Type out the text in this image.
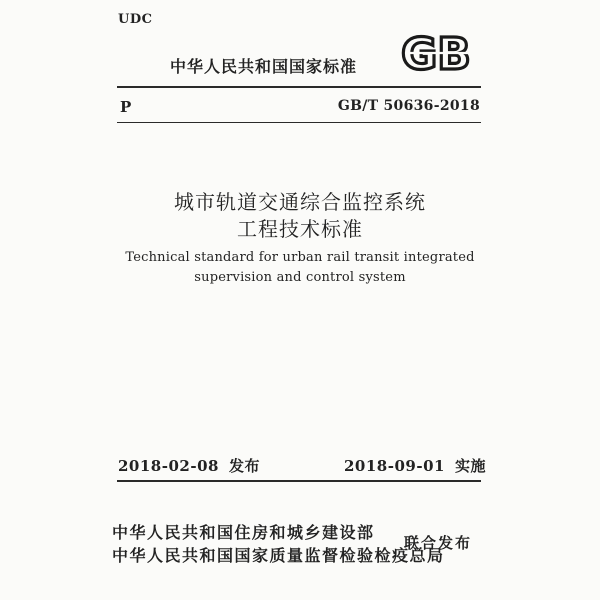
UDC
中华人民共和国国家标准 GB
P	GB/T 50636-2018
城市轨道交通综合监控系统
工程技术标准
Technical standard for urban rail transit integrated
supervision and control system
2018-02-08 发布	2018-09-01 实施
中华人民共和国住房和城乡建设部
中华人民共和国国家质量监督检验检疫总局
联合发布
